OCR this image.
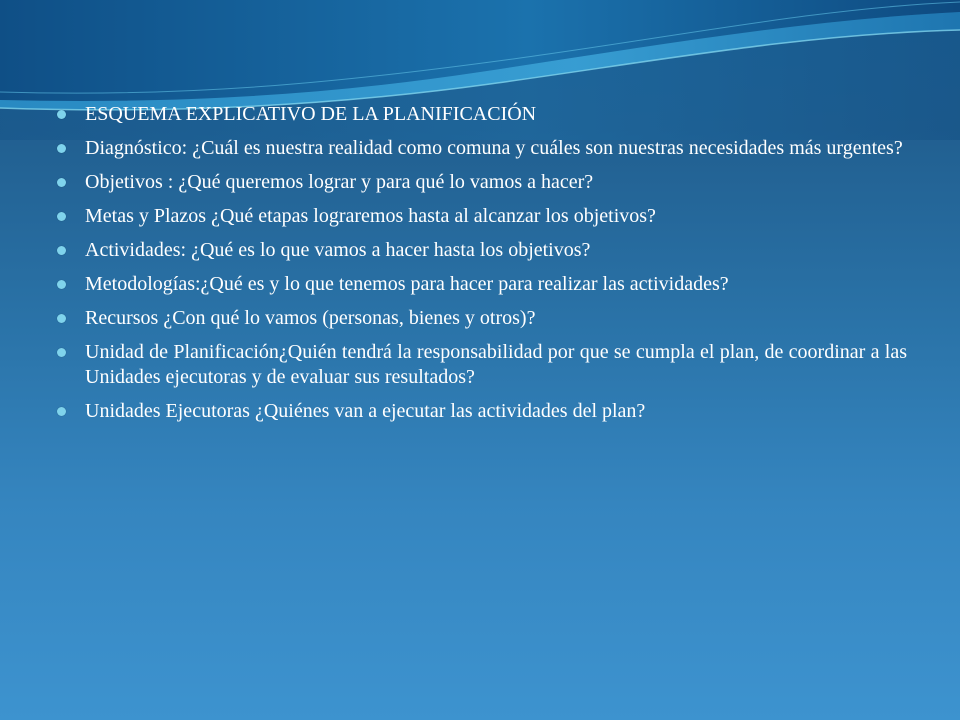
ESQUEMA EXPLICATIVO DE LA PLANIFICACIÓN
Diagnóstico: ¿Cuál es nuestra realidad como comuna y cuáles son nuestras necesidades más urgentes?
Objetivos : ¿Qué queremos lograr y para qué lo vamos a hacer?
Metas y Plazos ¿Qué etapas lograremos hasta al alcanzar los objetivos?
Actividades: ¿Qué es lo que vamos a hacer hasta los objetivos?
Metodologías:¿Qué es y lo que tenemos para hacer para realizar las actividades?
Recursos ¿Con qué lo vamos (personas, bienes y otros)?
Unidad de Planificación¿Quién tendrá la responsabilidad por que se cumpla el plan, de coordinar a las Unidades ejecutoras y de evaluar sus resultados?
Unidades Ejecutoras ¿Quiénes van a ejecutar las actividades del plan?
